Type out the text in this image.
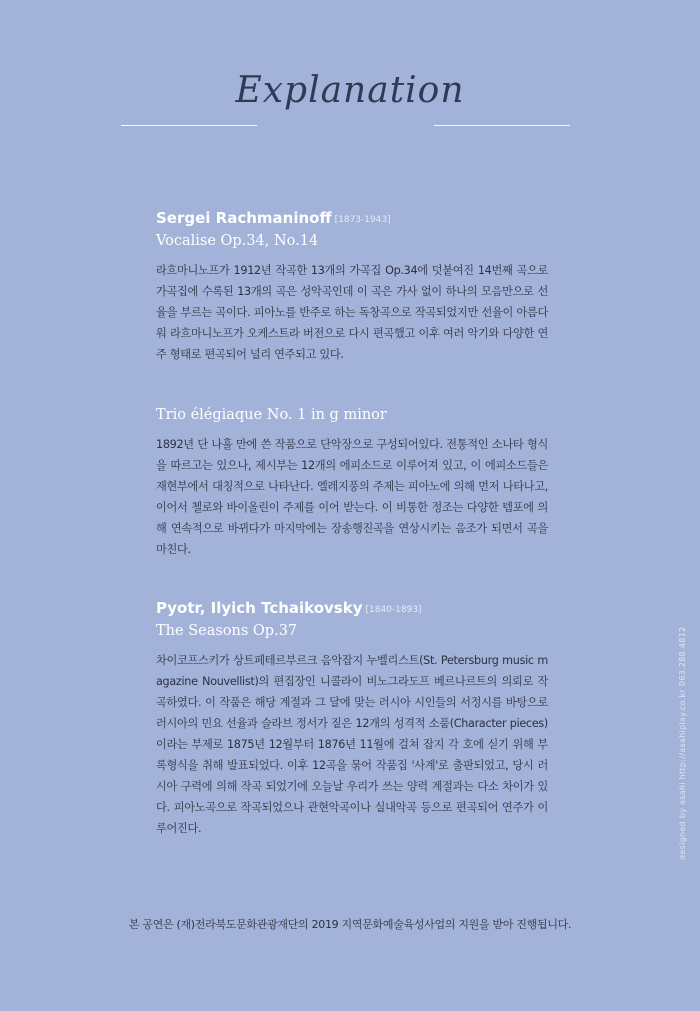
Explanation
Sergei Rachmaninoff [1873-1943]
Vocalise Op.34, No.14
라흐마니노프가 1912년 작곡한 13개의 가곡집 Op.34에 덧붙여진 14번째 곡으로 가곡집에 수록된 13개의 곡은 성악곡인데 이 곡은 가사 없이 하나의 모음만으로 선율을 부르는 곡이다. 피아노를 반주로 하는 독창곡으로 작곡되었지만 선율이 아름다워 라흐마니노프가 오케스트라 버전으로 다시 편곡했고 이후 여러 악기와 다양한 연주 형태로 편곡되어 널리 연주되고 있다.
Trio élégiaque No. 1 in g minor
1892년 단 나흘 만에 쓴 작품으로 단악장으로 구성되어있다. 전통적인 소나타 형식을 따르고는 있으나, 제시부는 12개의 에피소드로 이루어져 있고, 이 에피소드들은 재현부에서 대칭적으로 나타난다. 엘레지풍의 주제는 피아노에 의해 먼저 나타나고, 이어서 첼로와 바이올린이 주제를 이어 받는다. 이 비통한 정조는 다양한 템포에 의해 연속적으로 바뀌다가 마지막에는 장송행진곡을 연상시키는 음조가 되면서 곡을 마친다.
Pyotr, Ilyich Tchaikovsky [1840-1893]
The Seasons Op.37
차이코프스키가 상트페테르부르크 음악잡지 누벨리스트(St. Petersburg music magazine Nouvellist)의 편집장인 니콜라이 비노그라도프 베르나르트의 의뢰로 작곡하였다. 이 작품은 해당 계절과 그 달에 맞는 러시아 시인들의 서정시를 바탕으로 러시아의 민요 선율과 슬라브 정서가 짙은 12개의 성격적 소품(Character pieces)이라는 부제로 1875년 12월부터 1876년 11월에 걸쳐 잡지 각 호에 싣기 위해 부록형식을 취해 발표되었다. 이후 12곡을 묶어 작품집 '사계'로 출판되었고, 당시 러시아 구력에 의해 작곡 되었기에 오늘날 우리가 쓰는 양력 계절과는 다소 차이가 있다. 피아노곡으로 작곡되었으나 관현악곡이나 실내악곡 등으로 편곡되어 연주가 이루어진다.
본 공연은 (재)전라북도문화관광재단의 2019 지역문화예술육성사업의 지원을 받아 진행됩니다.
designed by asahi http://asahiplay.co.kr 063.288.4812
